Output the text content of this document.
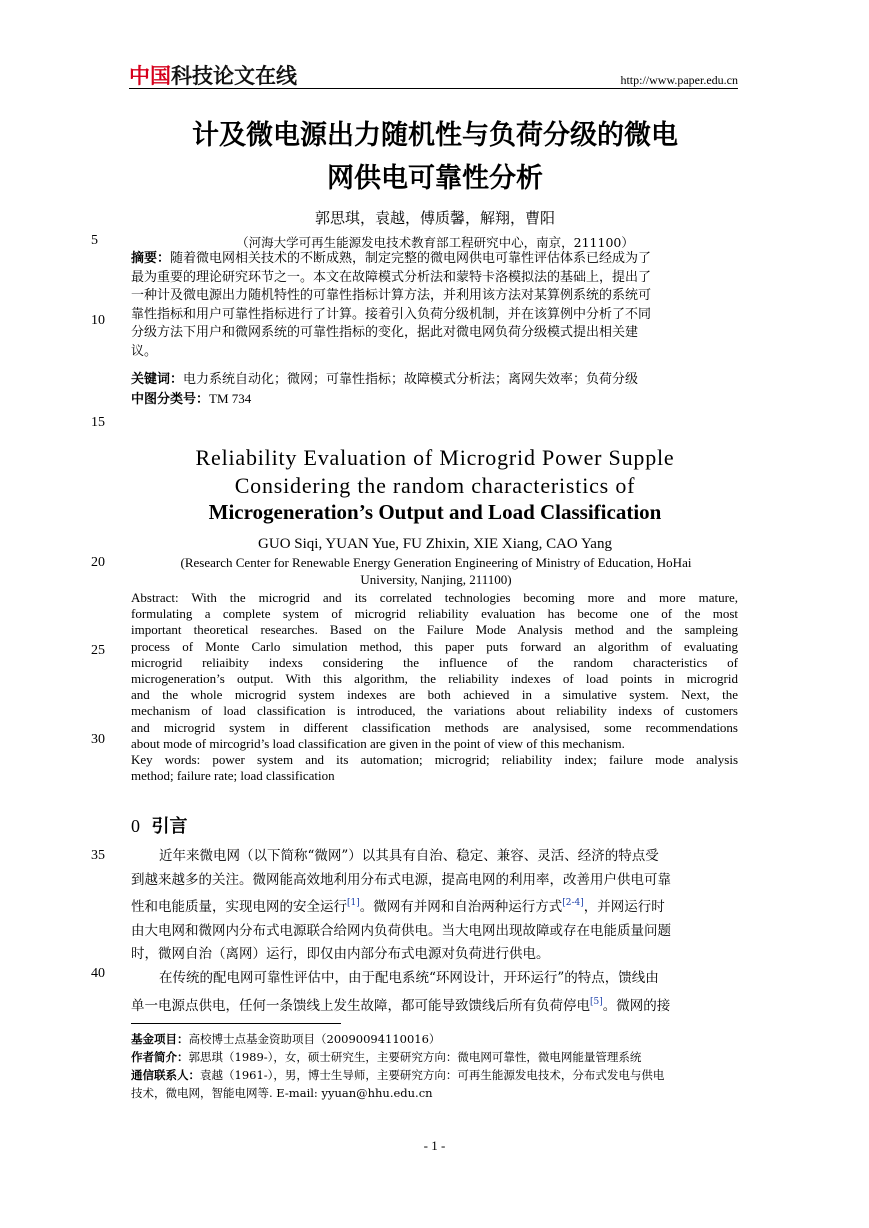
中国科技论文在线	http://www.paper.edu.cn
计及微电源出力随机性与负荷分级的微电
网供电可靠性分析
郭思琪，袁越，傅质馨，解翔，曹阳
5	（河海大学可再生能源发电技术教育部工程研究中心，南京，211100）
摘要：随着微电网相关技术的不断成熟，制定完整的微电网供电可靠性评估体系已经成为了
最为重要的理论研究环节之一。本文在故障模式分析法和蒙特卡洛模拟法的基础上，提出了
一种计及微电源出力随机特性的可靠性指标计算方法，并利用该方法对某算例系统的系统可
靠性指标和用户可靠性指标进行了计算。接着引入负荷分级机制，并在该算例中分析了不同
分级方法下用户和微网系统的可靠性指标的变化，据此对微电网负荷分级模式提出相关建
议。
10
关键词：电力系统自动化；微网；可靠性指标；故障模式分析法；离网失效率；负荷分级
中图分类号：TM 734
15
Reliability Evaluation of Microgrid Power Supple
Considering the random characteristics of
Microgeneration’s Output and Load Classification
GUO Siqi, YUAN Yue, FU Zhixin, XIE Xiang, CAO Yang
20	(Research Center for Renewable Energy Generation Engineering of Ministry of Education, HoHai
University, Nanjing, 211100)
Abstract: With the microgrid and its correlated technologies becoming more and more mature,
formulating a complete system of microgrid reliability evaluation has become one of the most
important theoretical researches. Based on the Failure Mode Analysis method and the sampleing
process of Monte Carlo simulation method, this paper puts forward an algorithm of evaluating
microgrid reliaibity indexs considering the influence of the random characteristics of
microgeneration’s output. With this algorithm, the reliability indexes of load points in microgrid
and the whole microgrid system indexes are both achieved in a simulative system. Next, the
mechanism of load classification is introduced, the variations about reliability indexs of customers
and microgrid system in different classification methods are analysised, some recommendations
about mode of mircogrid’s load classification are given in the point of view of this mechanism.
Key words: power system and its automation; microgrid; reliability index; failure mode analysis
method; failure rate; load classification
25
30
0 引言
35	近年来微电网（以下简称“微网”）以其具有自治、稳定、兼容、灵活、经济的特点受
到越来越多的关注。微网能高效地利用分布式电源，提高电网的利用率，改善用户供电可靠
性和电能质量，实现电网的安全运行[1]。微网有并网和自治两种运行方式[2-4]，并网运行时
由大电网和微网内分布式电源联合给网内负荷供电。当大电网出现故障或存在电能质量问题
时，微网自治（离网）运行，即仅由内部分布式电源对负荷进行供电。
在传统的配电网可靠性评估中，由于配电系统“环网设计，开环运行”的特点，馈线由
单一电源点供电，任何一条馈线上发生故障，都可能导致馈线后所有负荷停电[5]。微网的接
40
基金项目：高校博士点基金资助项目（20090094110016）
作者简介：郭思琪（1989-），女，硕士研究生，主要研究方向：微电网可靠性，微电网能量管理系统
通信联系人：袁越（1961-），男，博士生导师，主要研究方向：可再生能源发电技术，分布式发电与供电
技术，微电网，智能电网等. E-mail: yyuan@hhu.edu.cn
- 1 -
